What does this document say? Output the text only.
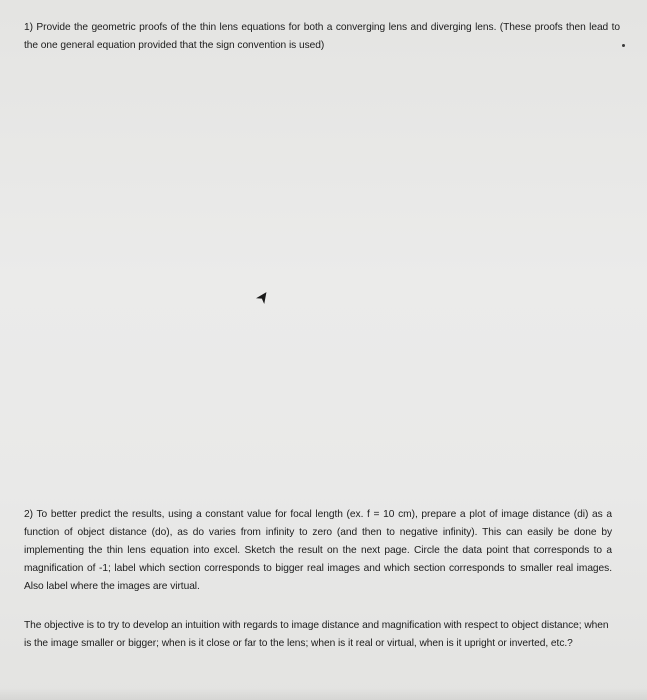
1) Provide the geometric proofs of the thin lens equations for both a converging lens and diverging lens. (These proofs then lead to the one general equation provided that the sign convention is used)

2) To better predict the results, using a constant value for focal length (ex. f = 10 cm), prepare a plot of image distance (di) as a function of object distance (do), as do varies from infinity to zero (and then to negative infinity). This can easily be done by implementing the thin lens equation into excel. Sketch the result on the next page. Circle the data point that corresponds to a magnification of -1; label which section corresponds to bigger real images and which section corresponds to smaller real images. Also label where the images are virtual.

The objective is to try to develop an intuition with regards to image distance and magnification with respect to object distance; when is the image smaller or bigger; when is it close or far to the lens; when is it real or virtual, when is it upright or inverted, etc.?
